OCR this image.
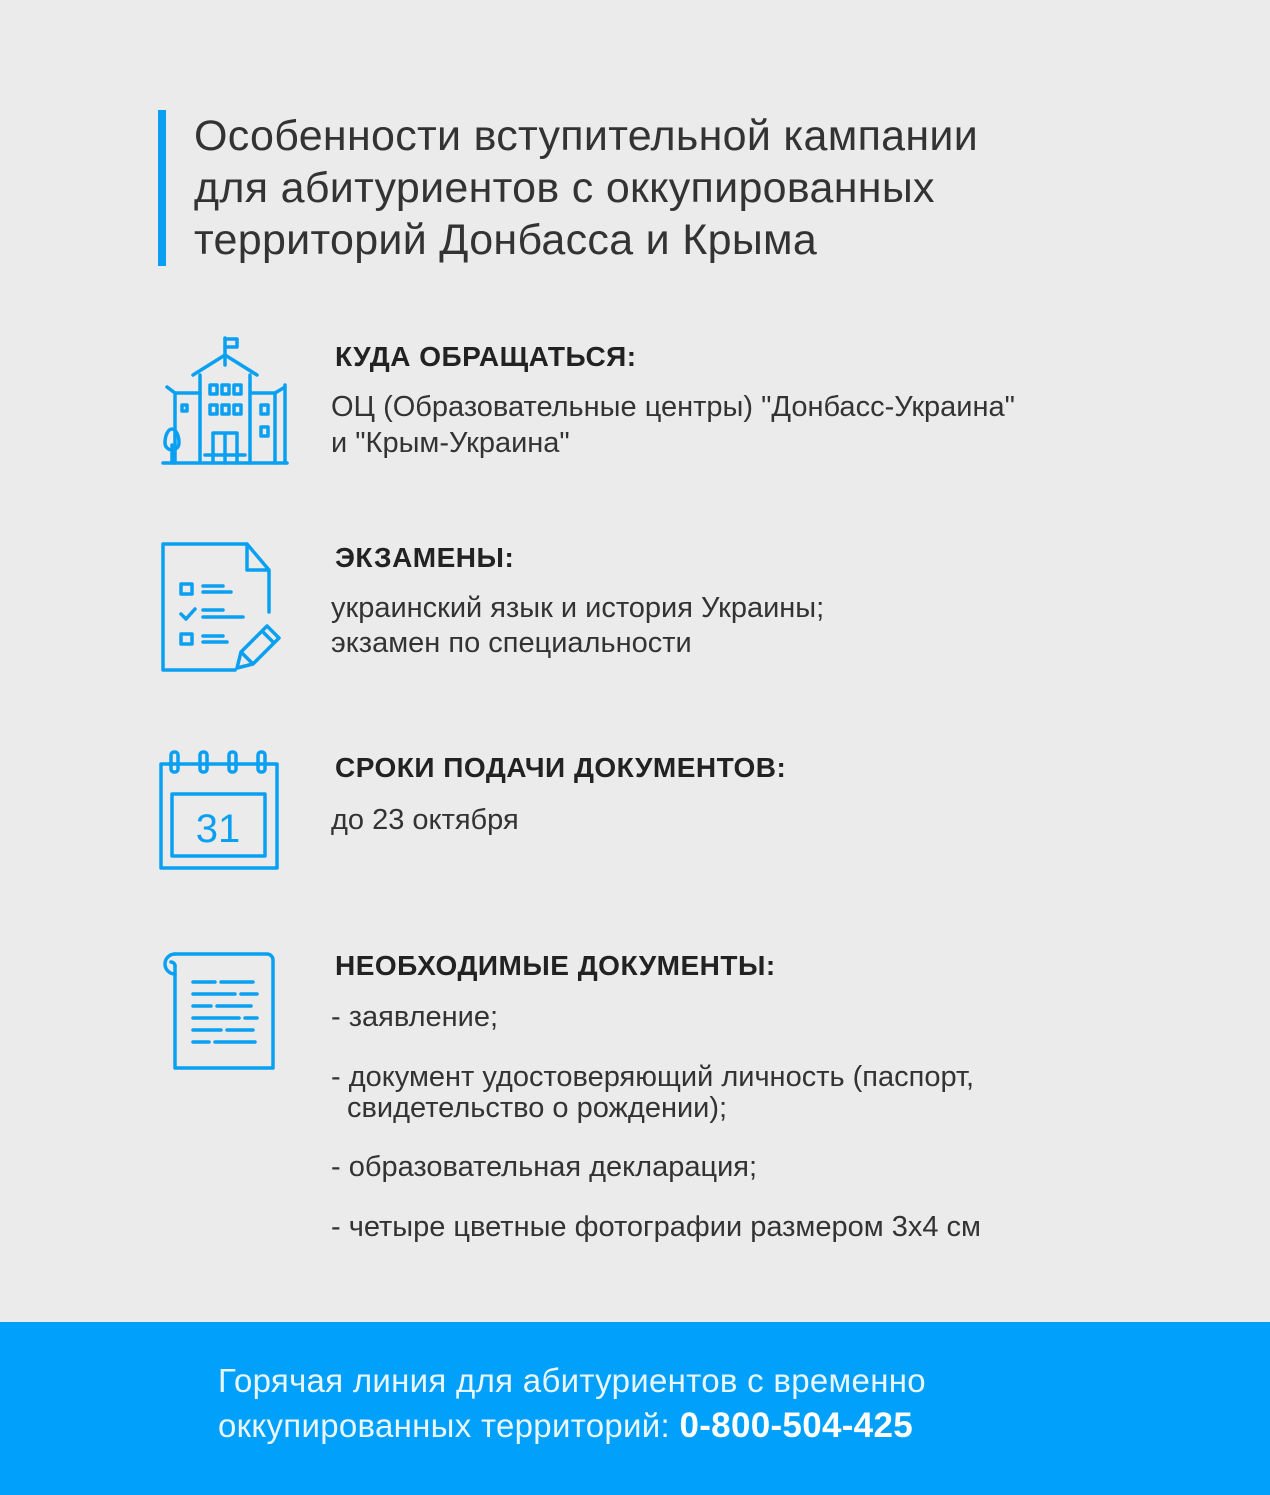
Особенности вступительной кампании
для абитуриентов с оккупированных
территорий Донбасса и Крыма
КУДА ОБРАЩАТЬСЯ:
ОЦ (Образовательные центры) "Донбасс-Украина"
и "Крым-Украина"
ЭКЗАМЕНЫ:
украинский язык и история Украины;
экзамен по специальности
31
СРОКИ ПОДАЧИ ДОКУМЕНТОВ:
до 23 октября
НЕОБХОДИМЫЕ ДОКУМЕНТЫ:
- заявление;
- документ удостоверяющий личность (паспорт,
свидетельство о рождении);
- образовательная декларация;
- четыре цветные фотографии размером 3х4 см
Горячая линия для абитуриентов с временно
оккупированных территорий: 0-800-504-425
